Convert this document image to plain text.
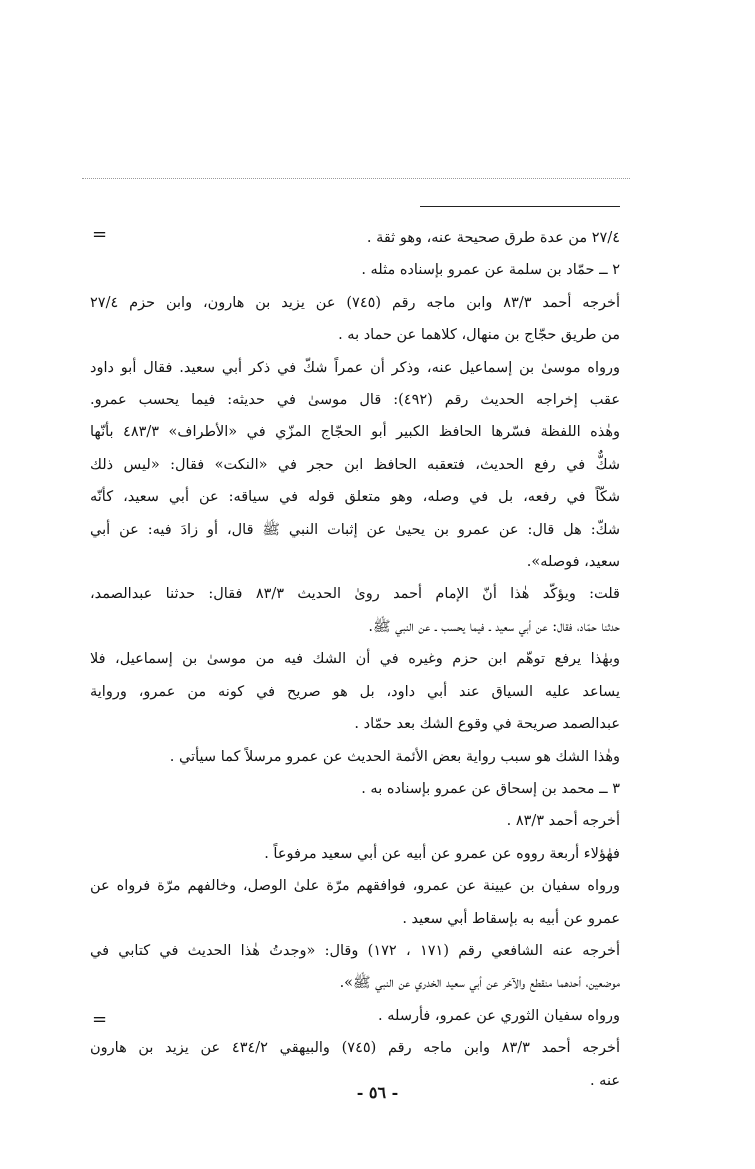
=
=
٢٧/٤ من عدة طرق صحيحة عنه، وهو ثقة .
٢ ــ حمّاد بن سلمة عن عمرو بإسناده مثله .
أخرجه أحمد ٨٣/٣ وابن ماجه رقم (٧٤٥) عن يزيد بن هارون، وابن حزم ٢٧/٤
من طريق حجّاج بن منهال، كلاهما عن حماد به .
ورواه موسىٰ بن إسماعيل عنه، وذكر أن عمراً شكّ في ذكر أبي سعيد. فقال أبو داود
عقب إخراجه الحديث رقم (٤٩٢): قال موسىٰ في حديثه: فيما يحسب عمرو.
وهٰذه اللفظة فسّرها الحافظ الكبير أبو الحجّاج المزّي في «الأطراف» ٤٨٣/٣ بأنّها
شكٌّ في رفع الحديث، فتعقبه الحافظ ابن حجر في «النكت» فقال: «ليس ذلك
شكّاً في رفعه، بل في وصله، وهو متعلق قوله في سياقه: عن أبي سعيد، كأنّه
شكّ: هل قال: عن عمرو بن يحيىٰ عن إثبات النبي ﷺ قال، أو زادَ فيه: عن أبي
سعيد، فوصله».
قلت: ويؤكّد هٰذا أنّ الإمام أحمد روىٰ الحديث ٨٣/٣ فقال: حدثنا عبدالصمد،
حدثنا حمّاد، فقال: عن أبي سعيد ـ فيما يحسب ـ عن النبي ﷺ.
وبهٰذا يرفع توهّم ابن حزم وغيره في أن الشك فيه من موسىٰ بن إسماعيل، فلا
يساعد عليه السياق عند أبي داود، بل هو صريح في كونه من عمرو، ورواية
عبدالصمد صريحة في وقوع الشك بعد حمّاد .
وهٰذا الشك هو سبب رواية بعض الأئمة الحديث عن عمرو مرسلاً كما سيأتي .
٣ ــ محمد بن إسحاق عن عمرو بإسناده به .
أخرجه أحمد ٨٣/٣ .
فهٰؤلاء أربعة رووه عن عمرو عن أبيه عن أبي سعيد مرفوعاً .
ورواه سفيان بن عيينة عن عمرو، فوافقهم مرّة علىٰ الوصل، وخالفهم مرّة فرواه عن
عمرو عن أبيه به بإسقاط أبي سعيد .
أخرجه عنه الشافعي رقم (١٧١ ، ١٧٢) وقال: «وجدتُ هٰذا الحديث في كتابي في
موضعين، أحدهما منقطع والآخر عن أبي سعيد الخدري عن النبي ﷺ».
ورواه سفيان الثوري عن عمرو، فأرسله .
أخرجه أحمد ٨٣/٣ وابن ماجه رقم (٧٤٥) والبيهقي ٤٣٤/٢ عن يزيد بن هارون
عنه .
- ٥٦ -
